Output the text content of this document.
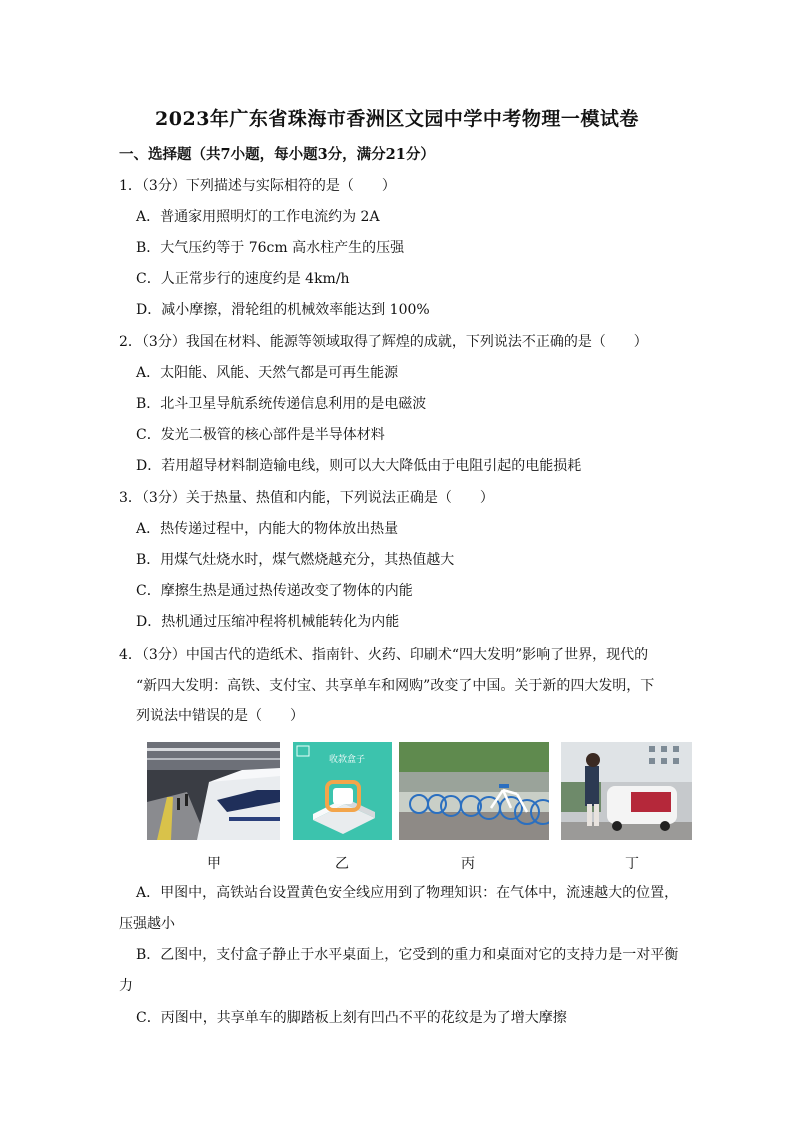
2023年广东省珠海市香洲区文园中学中考物理一模试卷
一、选择题（共7小题，每小题3分，满分21分）
1．（3分）下列描述与实际相符的是（　　）
A．普通家用照明灯的工作电流约为 2A
B．大气压约等于 76cm 高水柱产生的压强
C．人正常步行的速度约是 4km/h
D．减小摩擦，滑轮组的机械效率能达到 100%
2．（3分）我国在材料、能源等领域取得了辉煌的成就，下列说法不正确的是（　　）
A．太阳能、风能、天然气都是可再生能源
B．北斗卫星导航系统传递信息利用的是电磁波
C．发光二极管的核心部件是半导体材料
D．若用超导材料制造输电线，则可以大大降低由于电阻引起的电能损耗
3．（3分）关于热量、热值和内能，下列说法正确是（　　）
A．热传递过程中，内能大的物体放出热量
B．用煤气灶烧水时，煤气燃烧越充分，其热值越大
C．摩擦生热是通过热传递改变了物体的内能
D．热机通过压缩冲程将机械能转化为内能
4．（3分）中国古代的造纸术、指南针、火药、印刷术“四大发明”影响了世界，现代的
“新四大发明：高铁、支付宝、共享单车和网购”改变了中国。关于新的四大发明，下
列说法中错误的是（　　）
收款盒子
甲	乙	丙	丁
A．甲图中，高铁站台设置黄色安全线应用到了物理知识：在气体中，流速越大的位置，
压强越小
B．乙图中，支付盒子静止于水平桌面上，它受到的重力和桌面对它的支持力是一对平衡
力
C．丙图中，共享单车的脚踏板上刻有凹凸不平的花纹是为了增大摩擦
